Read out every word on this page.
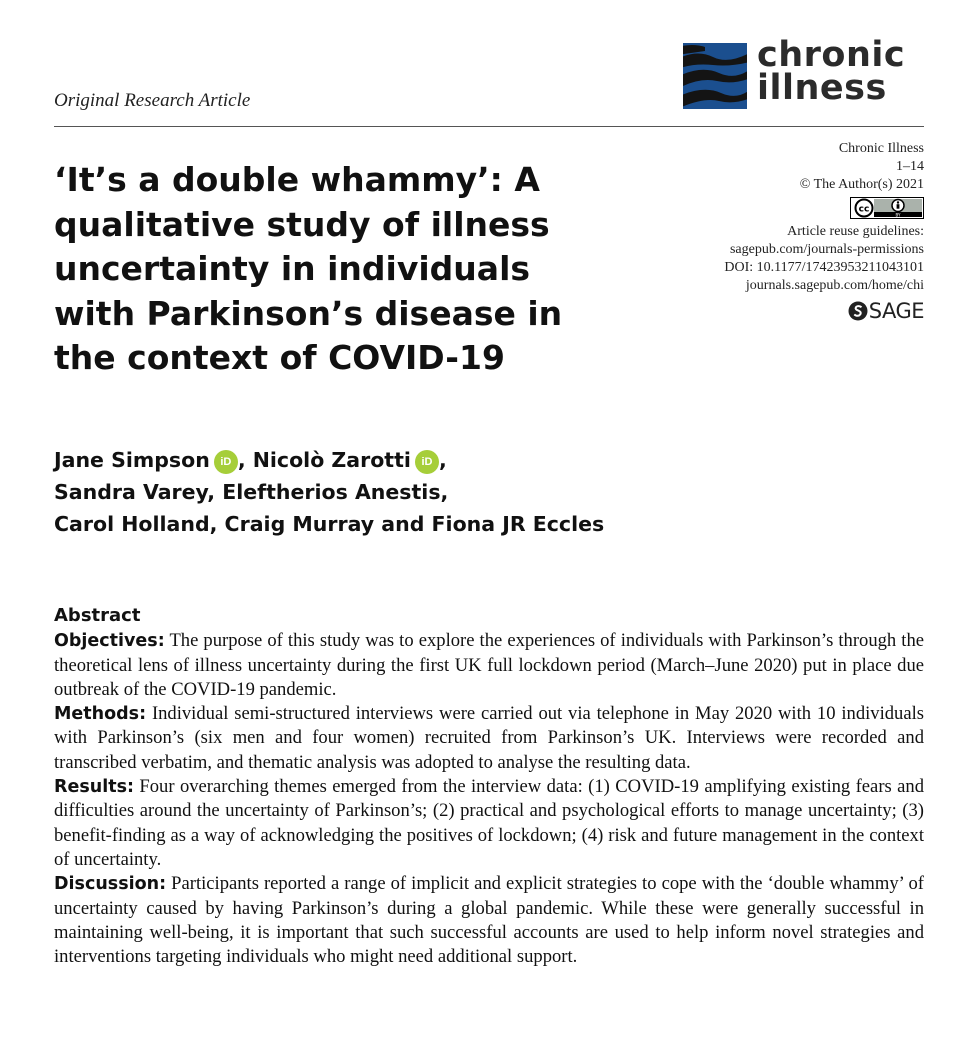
Original Research Article
chronic
illness
Chronic Illness
1–14
© The Author(s) 2021
cc
BY
Article reuse guidelines:
sagepub.com/journals-permissions
DOI: 10.1177/17423953211043101
journals.sagepub.com/home/chi
SAGE
‘It’s a double whammy’: A qualitative study of illness uncertainty in individuals with Parkinson’s disease in the context of COVID-19
Jane Simpson iD , Nicolò Zarotti iD ,
Sandra Varey, Eleftherios Anestis,
Carol Holland, Craig Murray and Fiona JR Eccles
Abstract

Objectives: The purpose of this study was to explore the experiences of individuals with Parkinson’s through the theoretical lens of illness uncertainty during the first UK full lockdown period (March–June 2020) put in place due outbreak of the COVID-19 pandemic.

Methods: Individual semi-structured interviews were carried out via telephone in May 2020 with 10 individuals with Parkinson’s (six men and four women) recruited from Parkinson’s UK. Interviews were recorded and transcribed verbatim, and thematic analysis was adopted to analyse the resulting data.

Results: Four overarching themes emerged from the interview data: (1) COVID-19 amplifying existing fears and difficulties around the uncertainty of Parkinson’s; (2) practical and psychological efforts to manage uncertainty; (3) benefit-finding as a way of acknowledging the positives of lockdown; (4) risk and future management in the context of uncertainty.

Discussion: Participants reported a range of implicit and explicit strategies to cope with the ‘double whammy’ of uncertainty caused by having Parkinson’s during a global pandemic. While these were generally successful in maintaining well-being, it is important that such successful accounts are used to help inform novel strategies and interventions targeting individuals who might need additional support.
